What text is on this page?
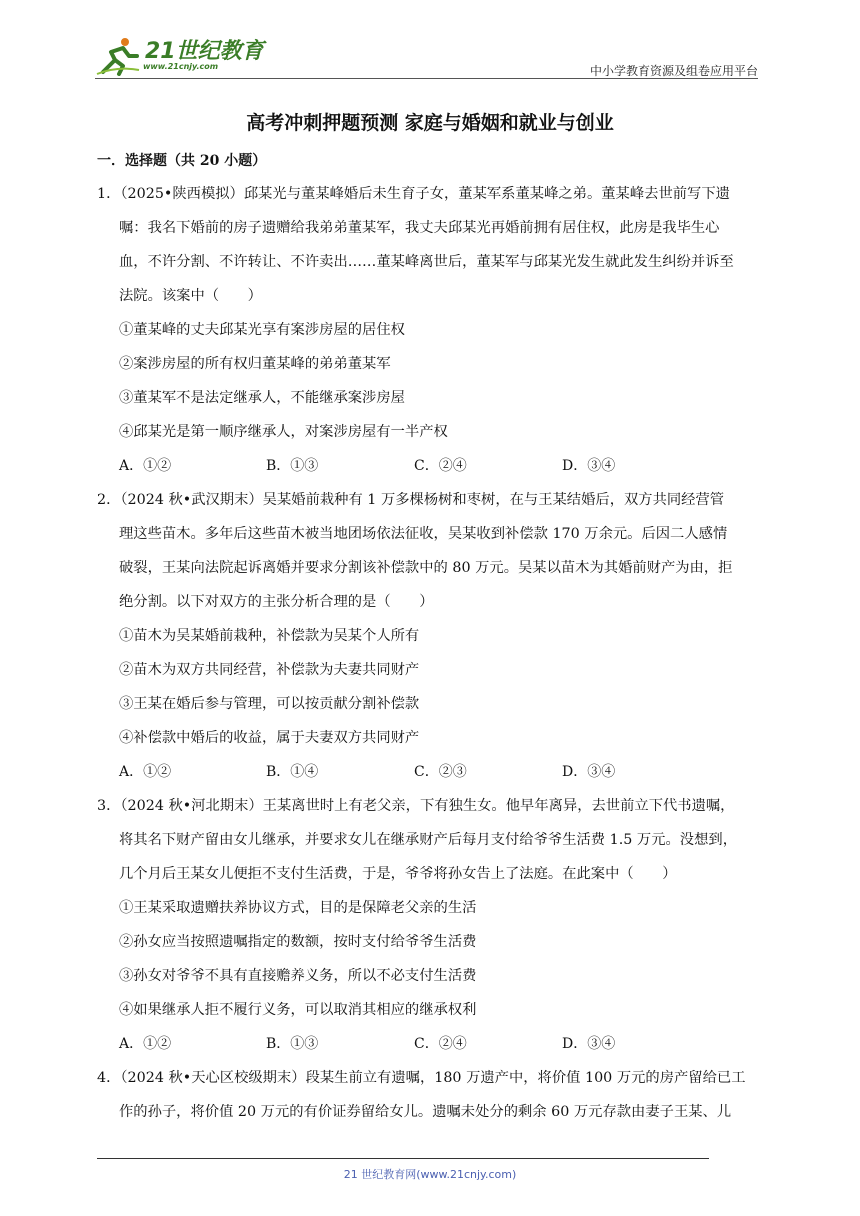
21世纪教育
www.21cnjy.com	中小学教育资源及组卷应用平台
高考冲刺押题预测 家庭与婚姻和就业与创业
一．选择题（共 20 小题）
1．（2025•陕西模拟）邱某光与董某峰婚后未生育子女，董某军系董某峰之弟。董某峰去世前写下遗
嘱：我名下婚前的房子遗赠给我弟弟董某军，我丈夫邱某光再婚前拥有居住权，此房是我毕生心
血，不许分割、不许转让、不许卖出……董某峰离世后，董某军与邱某光发生就此发生纠纷并诉至
法院。该案中（　　）
①董某峰的丈夫邱某光享有案涉房屋的居住权
②案涉房屋的所有权归董某峰的弟弟董某军
③董某军不是法定继承人，不能继承案涉房屋
④邱某光是第一顺序继承人，对案涉房屋有一半产权
A．①②	B．①③	C．②④	D．③④
2．（2024 秋•武汉期末）吴某婚前栽种有 1 万多棵杨树和枣树，在与王某结婚后，双方共同经营管
理这些苗木。多年后这些苗木被当地团场依法征收，吴某收到补偿款 170 万余元。后因二人感情
破裂，王某向法院起诉离婚并要求分割该补偿款中的 80 万元。吴某以苗木为其婚前财产为由，拒
绝分割。以下对双方的主张分析合理的是（　　）
①苗木为吴某婚前栽种，补偿款为吴某个人所有
②苗木为双方共同经营，补偿款为夫妻共同财产
③王某在婚后参与管理，可以按贡献分割补偿款
④补偿款中婚后的收益，属于夫妻双方共同财产
A．①②	B．①④	C．②③	D．③④
3．（2024 秋•河北期末）王某离世时上有老父亲，下有独生女。他早年离异，去世前立下代书遗嘱，
将其名下财产留由女儿继承，并要求女儿在继承财产后每月支付给爷爷生活费 1.5 万元。没想到，
几个月后王某女儿便拒不支付生活费，于是，爷爷将孙女告上了法庭。在此案中（　　）
①王某采取遗赠扶养协议方式，目的是保障老父亲的生活
②孙女应当按照遗嘱指定的数额，按时支付给爷爷生活费
③孙女对爷爷不具有直接赡养义务，所以不必支付生活费
④如果继承人拒不履行义务，可以取消其相应的继承权利
A．①②	B．①③	C．②④	D．③④
4．（2024 秋•天心区校级期末）段某生前立有遗嘱，180 万遗产中，将价值 100 万元的房产留给已工
作的孙子，将价值 20 万元的有价证券留给女儿。遗嘱未处分的剩余 60 万元存款由妻子王某、儿
21 世纪教育网(www.21cnjy.com)
